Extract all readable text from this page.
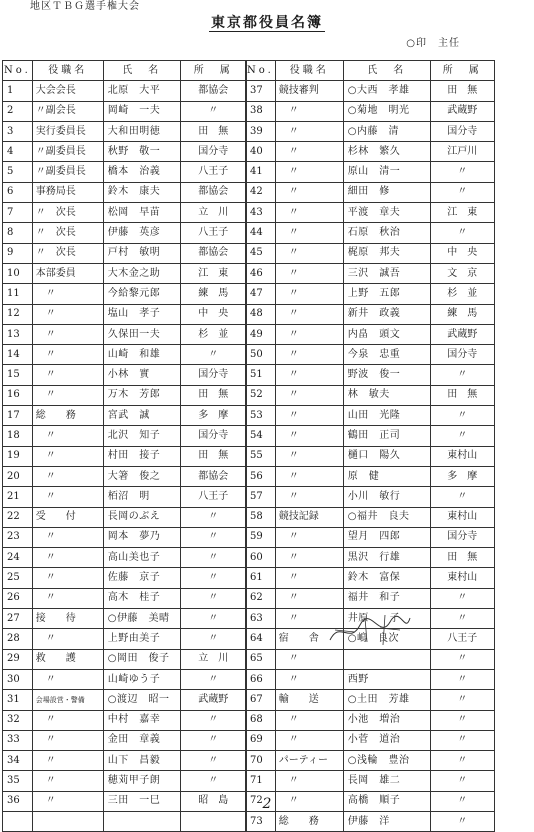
地区ＴＢＧ選手権大会
東京都役員名簿
○印　主任
No.	役職名	氏　名	所　属
1	大会会長	北原　大平	都協会
2	〃副会長	岡崎　一夫	〃
3	実行委員長	大和田明徳	田　無
4	〃副委員長	秋野　敬一	国分寺
5	〃副委員長	橋本　治義	八王子
6	事務局長	鈴木　康夫	都協会
7	〃　次長	松岡　早苗	立　川
8	〃　次長	伊藤　英彦	八王子
9	〃　次長	戸村　敏明	都協会
10	本部委員	大木金之助	江　東
11	　〃	今給黎元郎	練　馬
12	　〃	塩山　孝子	中　央
13	　〃	久保田一夫	杉　並
14	　〃	山崎　和雄	〃
15	　〃	小林　實	国分寺
16	　〃	万木　芳郎	田　無
17	総　　務	宮武　誠	多　摩
18	　〃	北沢　知子	国分寺
19	　〃	村田　接子	田　無
20	　〃	大箸　俊之	都協会
21	　〃	栢沼　明	八王子
22	受　　付	長岡のぶえ	〃
23	　〃	岡本　夢乃	〃
24	　〃	高山美也子	〃
25	　〃	佐藤　京子	〃
26	　〃	高木　桂子	〃
27	接　　待	○伊藤　美晴	〃
28	　〃	上野由美子	〃
29	救　　護	○岡田　俊子	立　川
30	　〃	山崎ゆう子	〃
31	会場設営・警備	○渡辺　昭一	武蔵野
32	　〃	中村　嘉幸	〃
33	　〃	金田　章義	〃
34	　〃	山下　昌毅	〃
35	　〃	穂苅甲子朗	〃
36	　〃	三田　一巳	昭　島

No.	役職名	氏　名	所　属
37	競技審判	○大西　孝雄	田　無
38	　〃	○菊地　明光	武蔵野
39	　〃	○内藤　清	国分寺
40	　〃	杉林　繁久	江戸川
41	　〃	原山　清一	〃
42	　〃	細田　修	〃
43	　〃	平渡　章夫	江　東
44	　〃	石原　秋治	〃
45	　〃	梶原　邦夫	中　央
46	　〃	三沢　誠吾	文　京
47	　〃	上野　五郎	杉　並
48	　〃	新井　政義	練　馬
49	　〃	内畠　頭文	武蔵野
50	　〃	今泉　忠重	国分寺
51	　〃	野波　俊一	〃
52	　〃	林　敏夫	田　無
53	　〃	山田　光隆	〃
54	　〃	鶴田　正司	〃
55	　〃	樋口　陽久	東村山
56	　〃	原　健	多　摩
57	　〃	小川　敏行	〃
58	競技記録	○福井　良夫	東村山
59	　〃	望月　四郎	国分寺
60	　〃	黒沢　行雄	田　無
61	　〃	鈴木　富保	東村山
62	　〃	福井　和子	〃
63	　〃	井原　　子	〃
64	宿　　舎	○嶋　良次	八王子
65	　〃		〃
66	　〃	西野	〃
67	輸　　送	○土田　芳雄	〃
68	　〃	小池　増治	〃
69	　〃	小菅　道治	〃
70	パーティー	○浅輪　豊治	〃
71	　〃	長岡　雄二	〃
72	　〃	高橋　順子	〃
73	総　　務	伊藤　洋	〃
2
